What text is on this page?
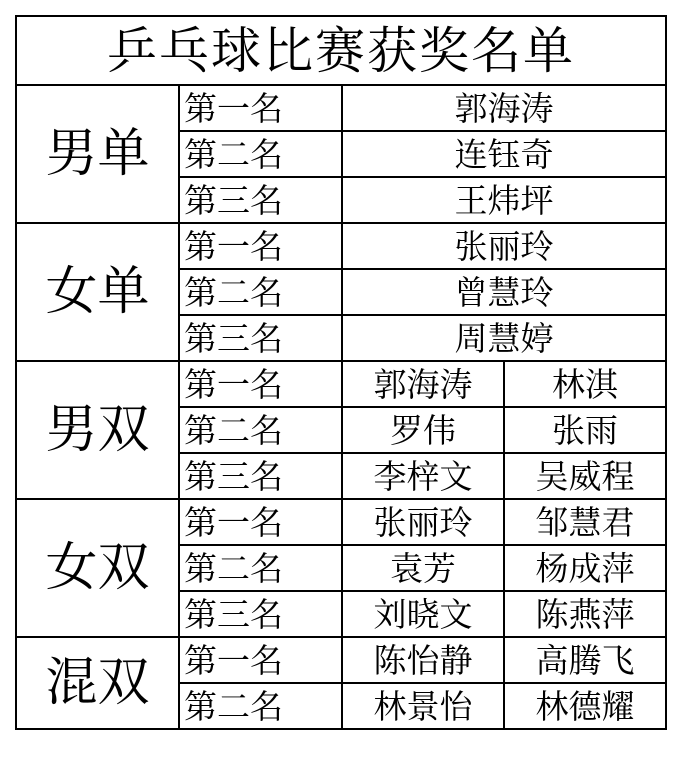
乒乓球比赛获奖名单			
男单	第一名	郭海涛	
	第二名	连钰奇	
	第三名	王炜坪	
女单	第一名	张丽玲	
	第二名	曾慧玲	
	第三名	周慧婷	
男双	第一名	郭海涛	林淇
	第二名	罗伟	张雨
	第三名	李梓文	吴威程
女双	第一名	张丽玲	邹慧君
	第二名	袁芳	杨成萍
	第三名	刘晓文	陈燕萍
混双	第一名	陈怡静	高腾飞
	第二名	林景怡	林德耀
